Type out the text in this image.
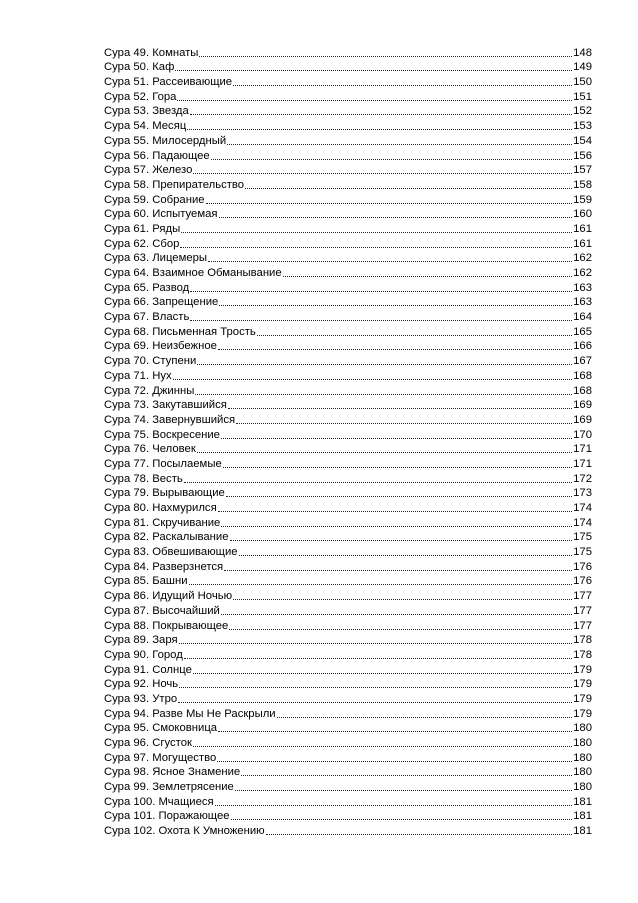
Сура 49. Комнаты	148
Сура 50. Каф	149
Сура 51. Рассеивающие	150
Сура 52. Гора	151
Сура 53. Звезда	152
Сура 54. Месяц	153
Сура 55. Милосердный	154
Сура 56. Падающее	156
Сура 57. Железо	157
Сура 58. Препирательство	158
Сура 59. Собрание	159
Сура 60. Испытуемая	160
Сура 61. Ряды	161
Сура 62. Сбор	161
Сура 63. Лицемеры	162
Сура 64. Взаимное Обманывание	162
Сура 65. Развод	163
Сура 66. Запрещение	163
Сура 67. Власть	164
Сура 68. Письменная Трость	165
Сура 69. Неизбежное	166
Сура 70. Ступени	167
Сура 71. Нух	168
Сура 72. Джинны	168
Сура 73. Закутавшийся	169
Сура 74. Завернувшийся	169
Сура 75. Воскресение	170
Сура 76. Человек	171
Сура 77. Посылаемые	171
Сура 78. Весть	172
Сура 79. Вырывающие	173
Сура 80. Нахмурился	174
Сура 81. Скручивание	174
Сура 82. Раскалывание	175
Сура 83. Обвешивающие	175
Сура 84. Разверзнется	176
Сура 85. Башни	176
Сура 86. Идущий Ночью	177
Сура 87. Высочайший	177
Сура 88. Покрывающее	177
Сура 89. Заря	178
Сура 90. Город	178
Сура 91. Солнце	179
Сура 92. Ночь	179
Сура 93. Утро	179
Сура 94. Разве Мы Не Раскрыли	179
Сура 95. Смоковница	180
Сура 96. Сгусток	180
Сура 97. Могущество	180
Сура 98. Ясное Знамение	180
Сура 99. Землетрясение	180
Сура 100. Мчащиеся	181
Сура 101. Поражающее	181
Сура 102. Охота К Умножению	181
